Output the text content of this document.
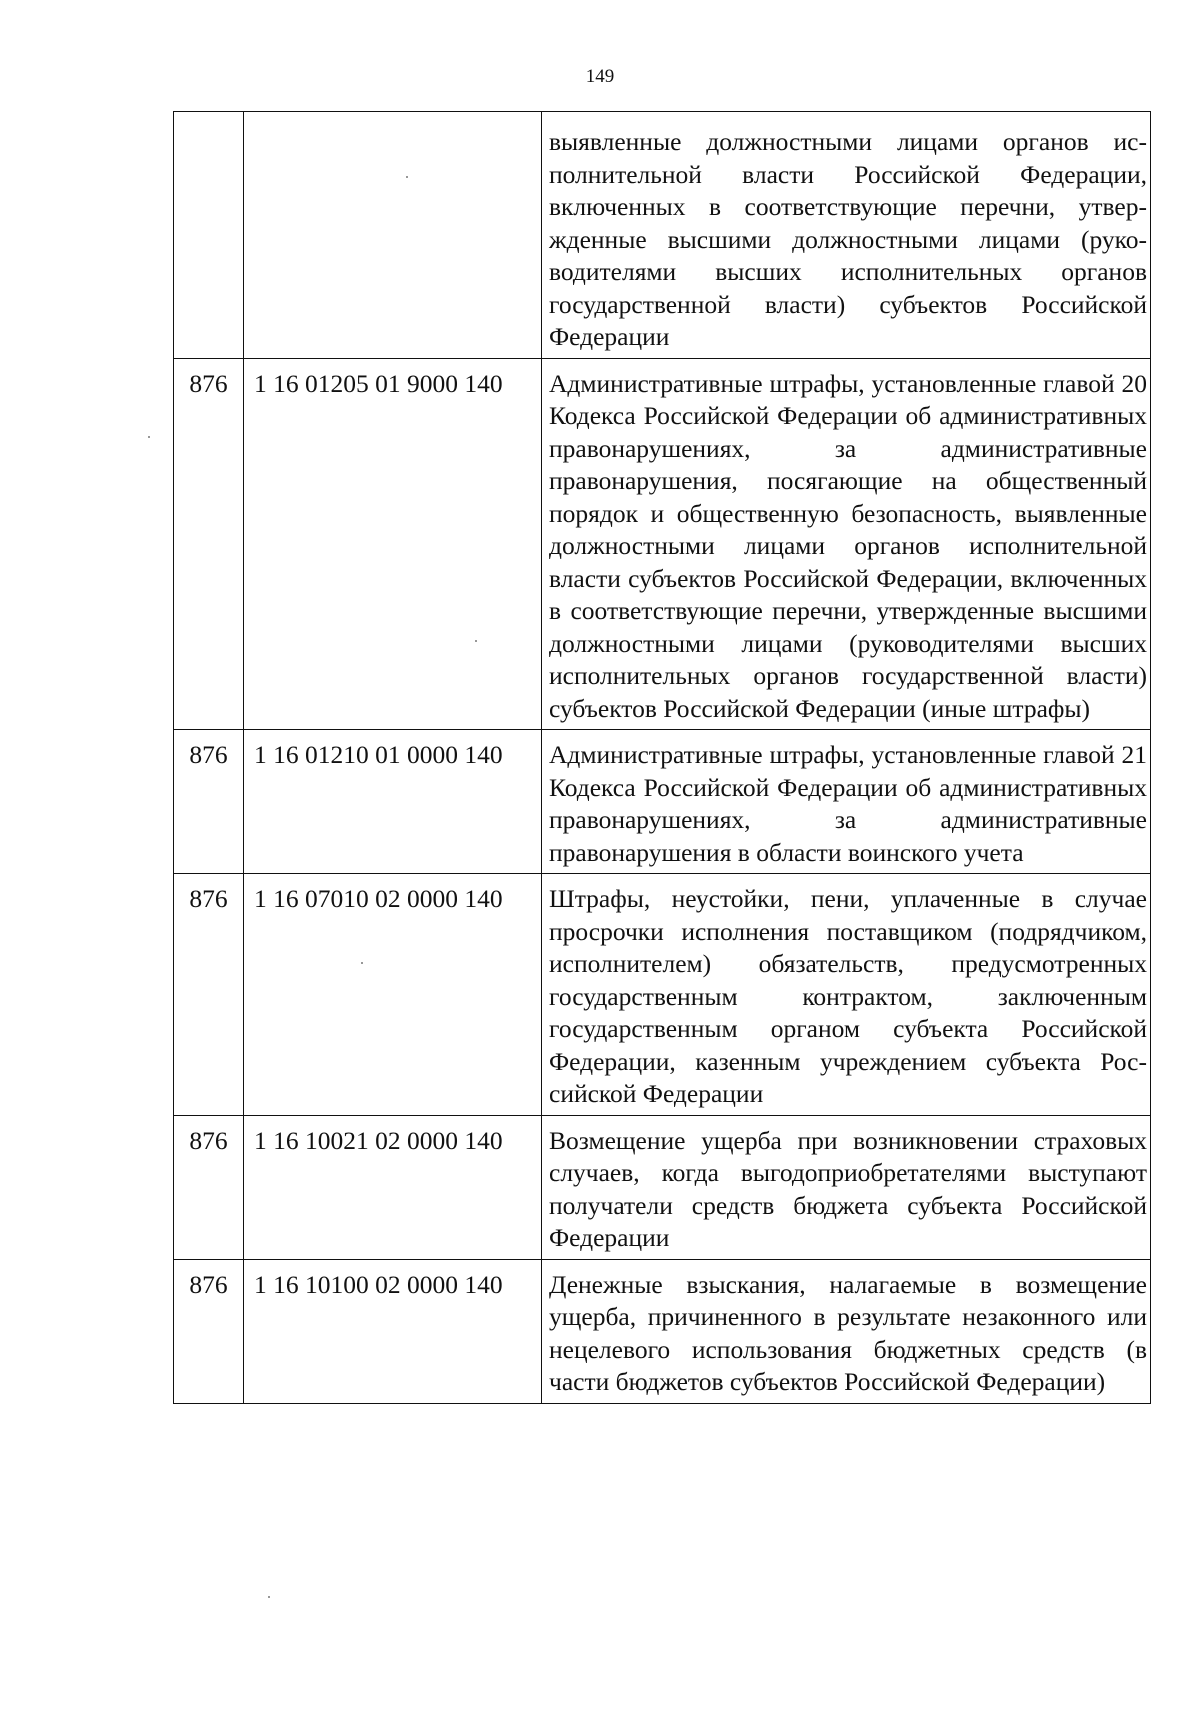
149
		выявленные должностными лицами органов исполнительной власти Российской Федерации, включенных в соответствующие перечни, утвержденные высшими должностными лицами (руководителями высших исполнительных органов государственной власти) субъектов Российской Федерации
876	1 16 01205 01 9000 140	Административные штрафы, установленные главой 20 Кодекса Российской Федерации об административных правонарушениях, за административные правонарушения, посягающие на общественный порядок и общественную безопасность, выявленные должностными лицами органов исполнительной власти субъектов Российской Федерации, включенных в соответствующие перечни, утвержденные высшими должностными лицами (руководителями высших исполнительных органов государственной власти) субъектов Российской Федерации (иные штрафы)
876	1 16 01210 01 0000 140	Административные штрафы, установленные главой 21 Кодекса Российской Федерации об административных правонарушениях, за административные правонарушения в области воинского учета
876	1 16 07010 02 0000 140	Штрафы, неустойки, пени, уплаченные в случае просрочки исполнения поставщиком (подрядчиком, исполнителем) обязательств, предусмотренных государственным контрактом, заключенным государственным органом субъекта Российской Федерации, казенным учреждением субъекта Российской Федерации
876	1 16 10021 02 0000 140	Возмещение ущерба при возникновении страховых случаев, когда выгодоприобретателями выступают получатели средств бюджета субъекта Российской Федерации
876	1 16 10100 02 0000 140	Денежные взыскания, налагаемые в возмещение ущерба, причиненного в результате незаконного или нецелевого использования бюджетных средств (в части бюджетов субъектов Российской Федерации)
